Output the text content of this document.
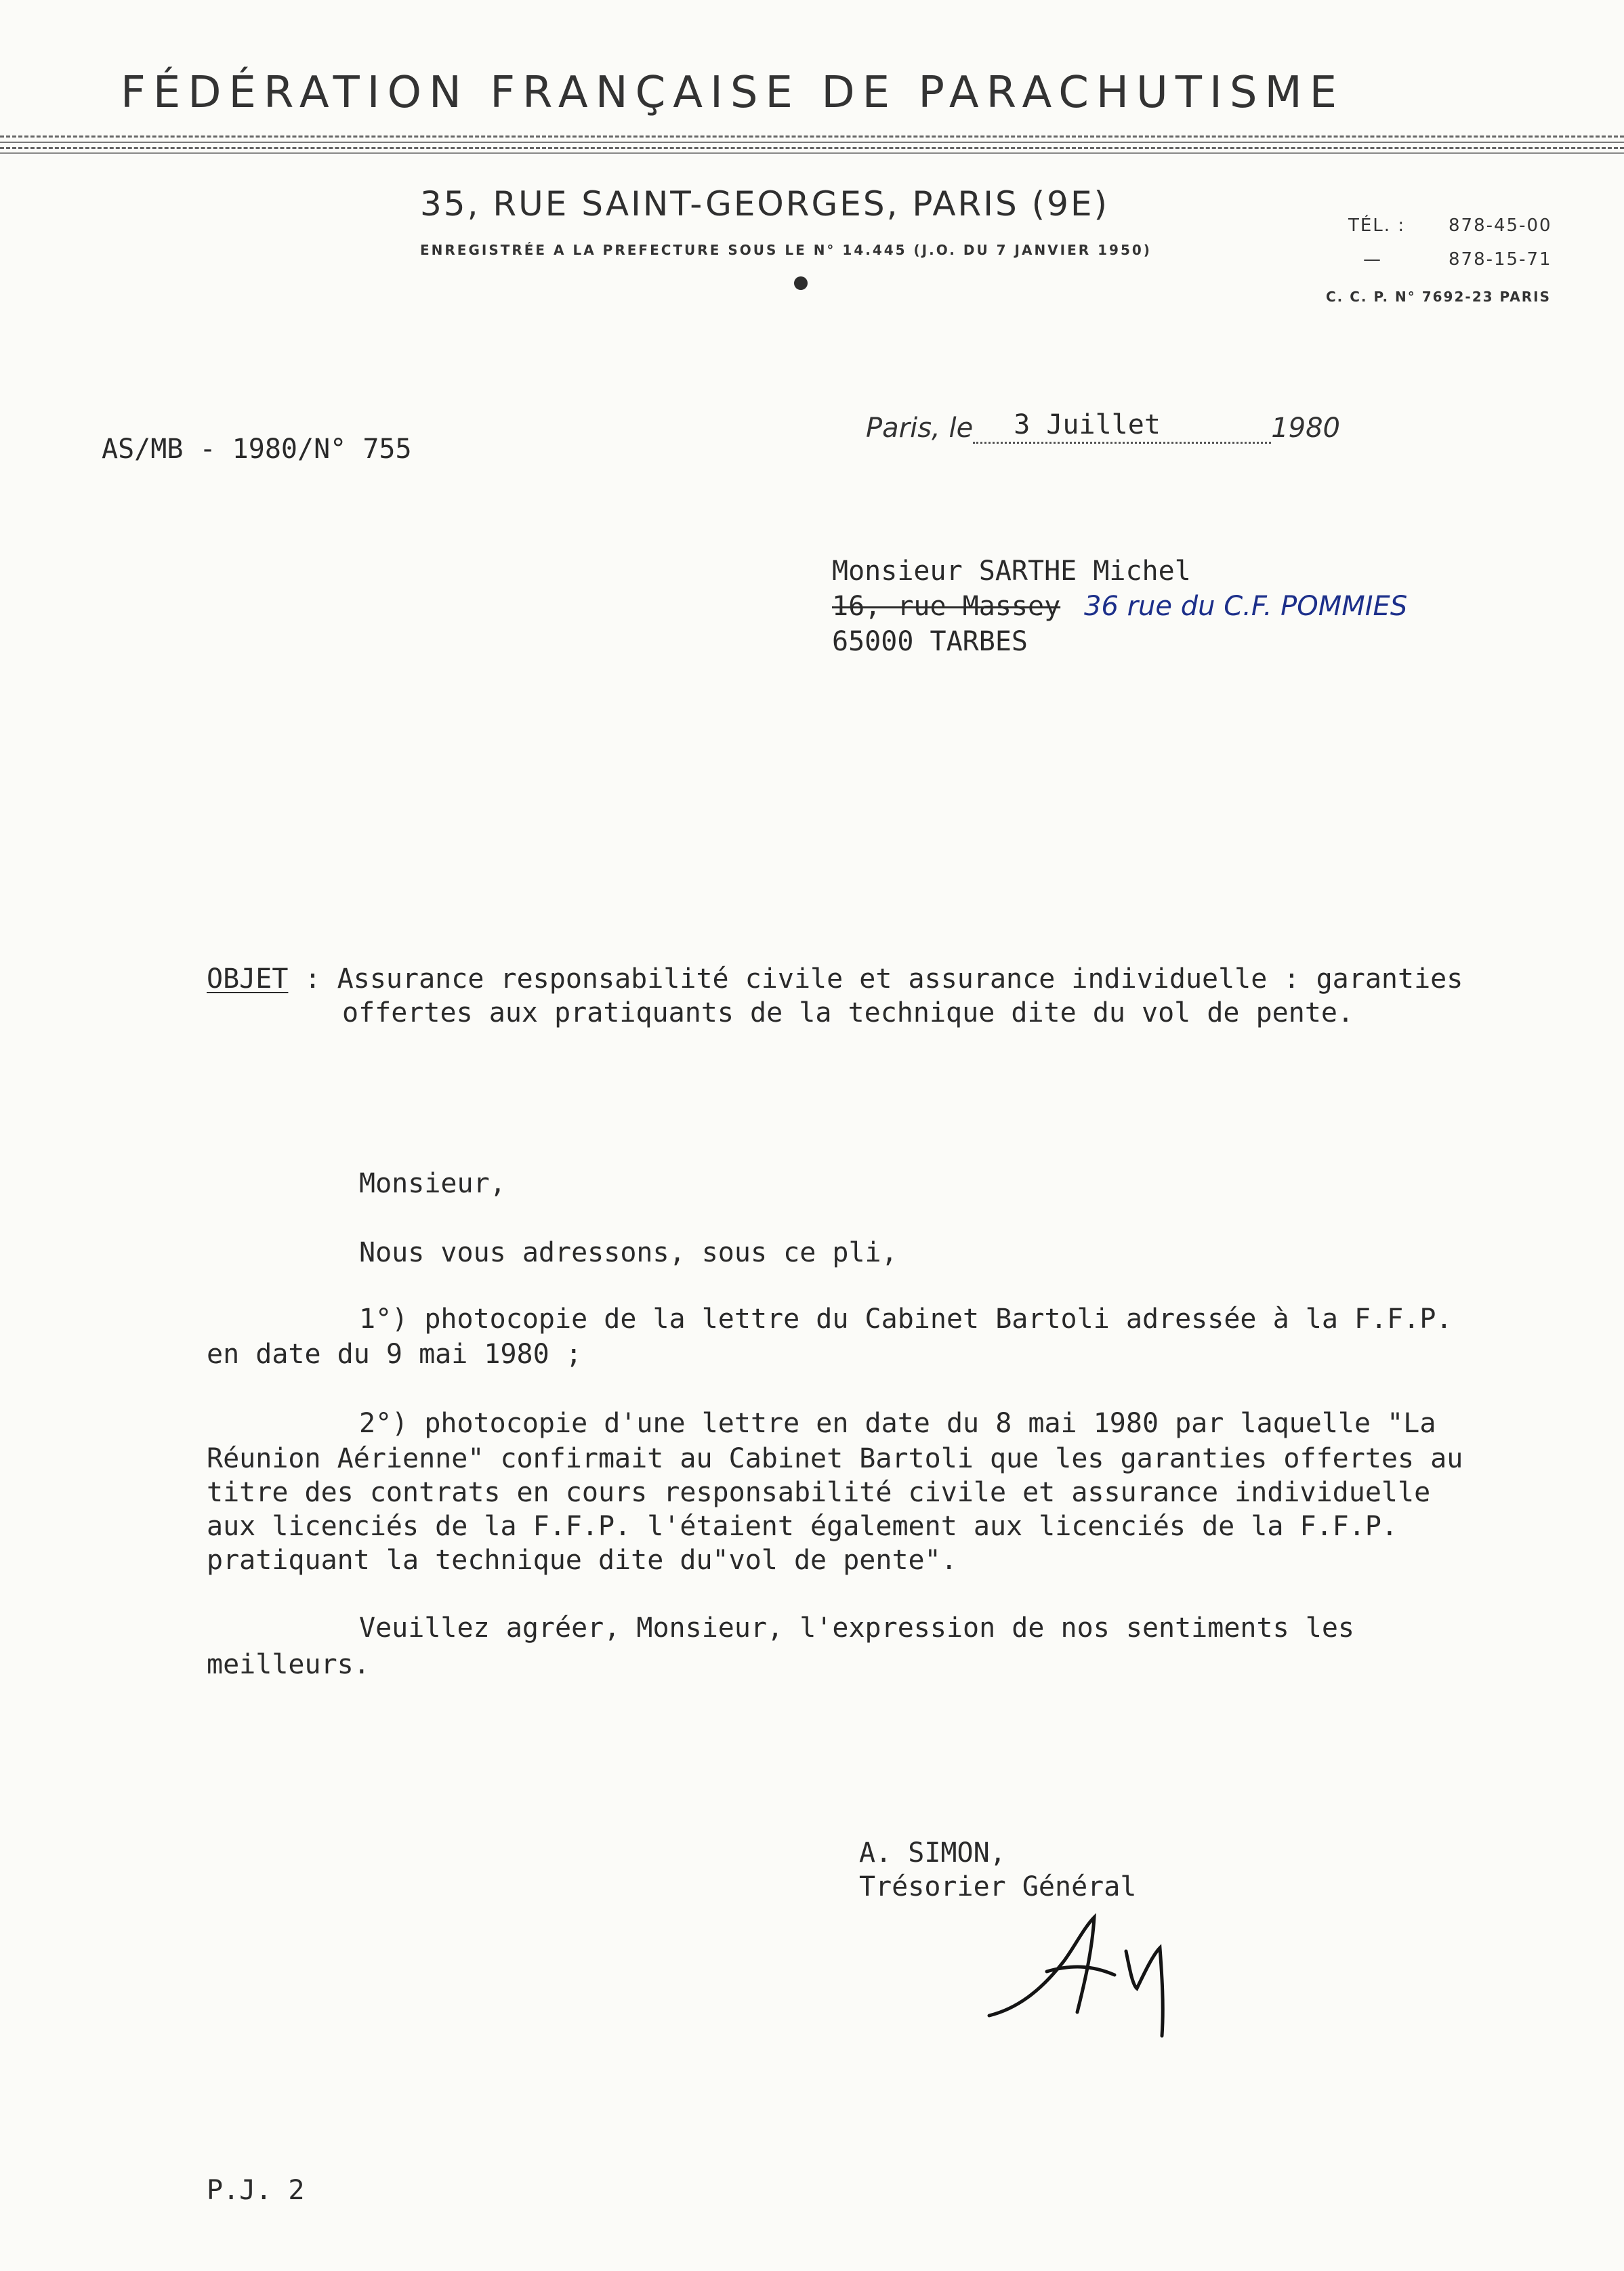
FÉDÉRATION FRANÇAISE DE PARACHUTISME
35, RUE SAINT-GEORGES, PARIS (9E)
ENREGISTRÉE A LA PREFECTURE SOUS LE N° 14.445 (J.O. DU 7 JANVIER 1950)
TÉL. : 878-45-00
—	878-15-71
C. C. P. N° 7692-23 PARIS

Paris, le 3 Juillet	1980

AS/MB - 1980/N° 755
Monsieur SARTHE Michel
16, rue Massey 36 rue du C.F. POMMIES
65000 TARBES
OBJET : Assurance responsabilité civile et assurance individuelle : garanties
offertes aux pratiquants de la technique dite du vol de pente.
Monsieur,
Nous vous adressons, sous ce pli,
1°) photocopie de la lettre du Cabinet Bartoli adressée à la F.F.P.
en date du 9 mai 1980 ;
2°) photocopie d'une lettre en date du 8 mai 1980 par laquelle "La
Réunion Aérienne" confirmait au Cabinet Bartoli que les garanties offertes au
titre des contrats en cours responsabilité civile et assurance individuelle
aux licenciés de la F.F.P. l'étaient également aux licenciés de la F.F.P.
pratiquant la technique dite du"vol de pente".
Veuillez agréer, Monsieur, l'expression de nos sentiments les
meilleurs.
A. SIMON,
Trésorier Général
P.J. 2
